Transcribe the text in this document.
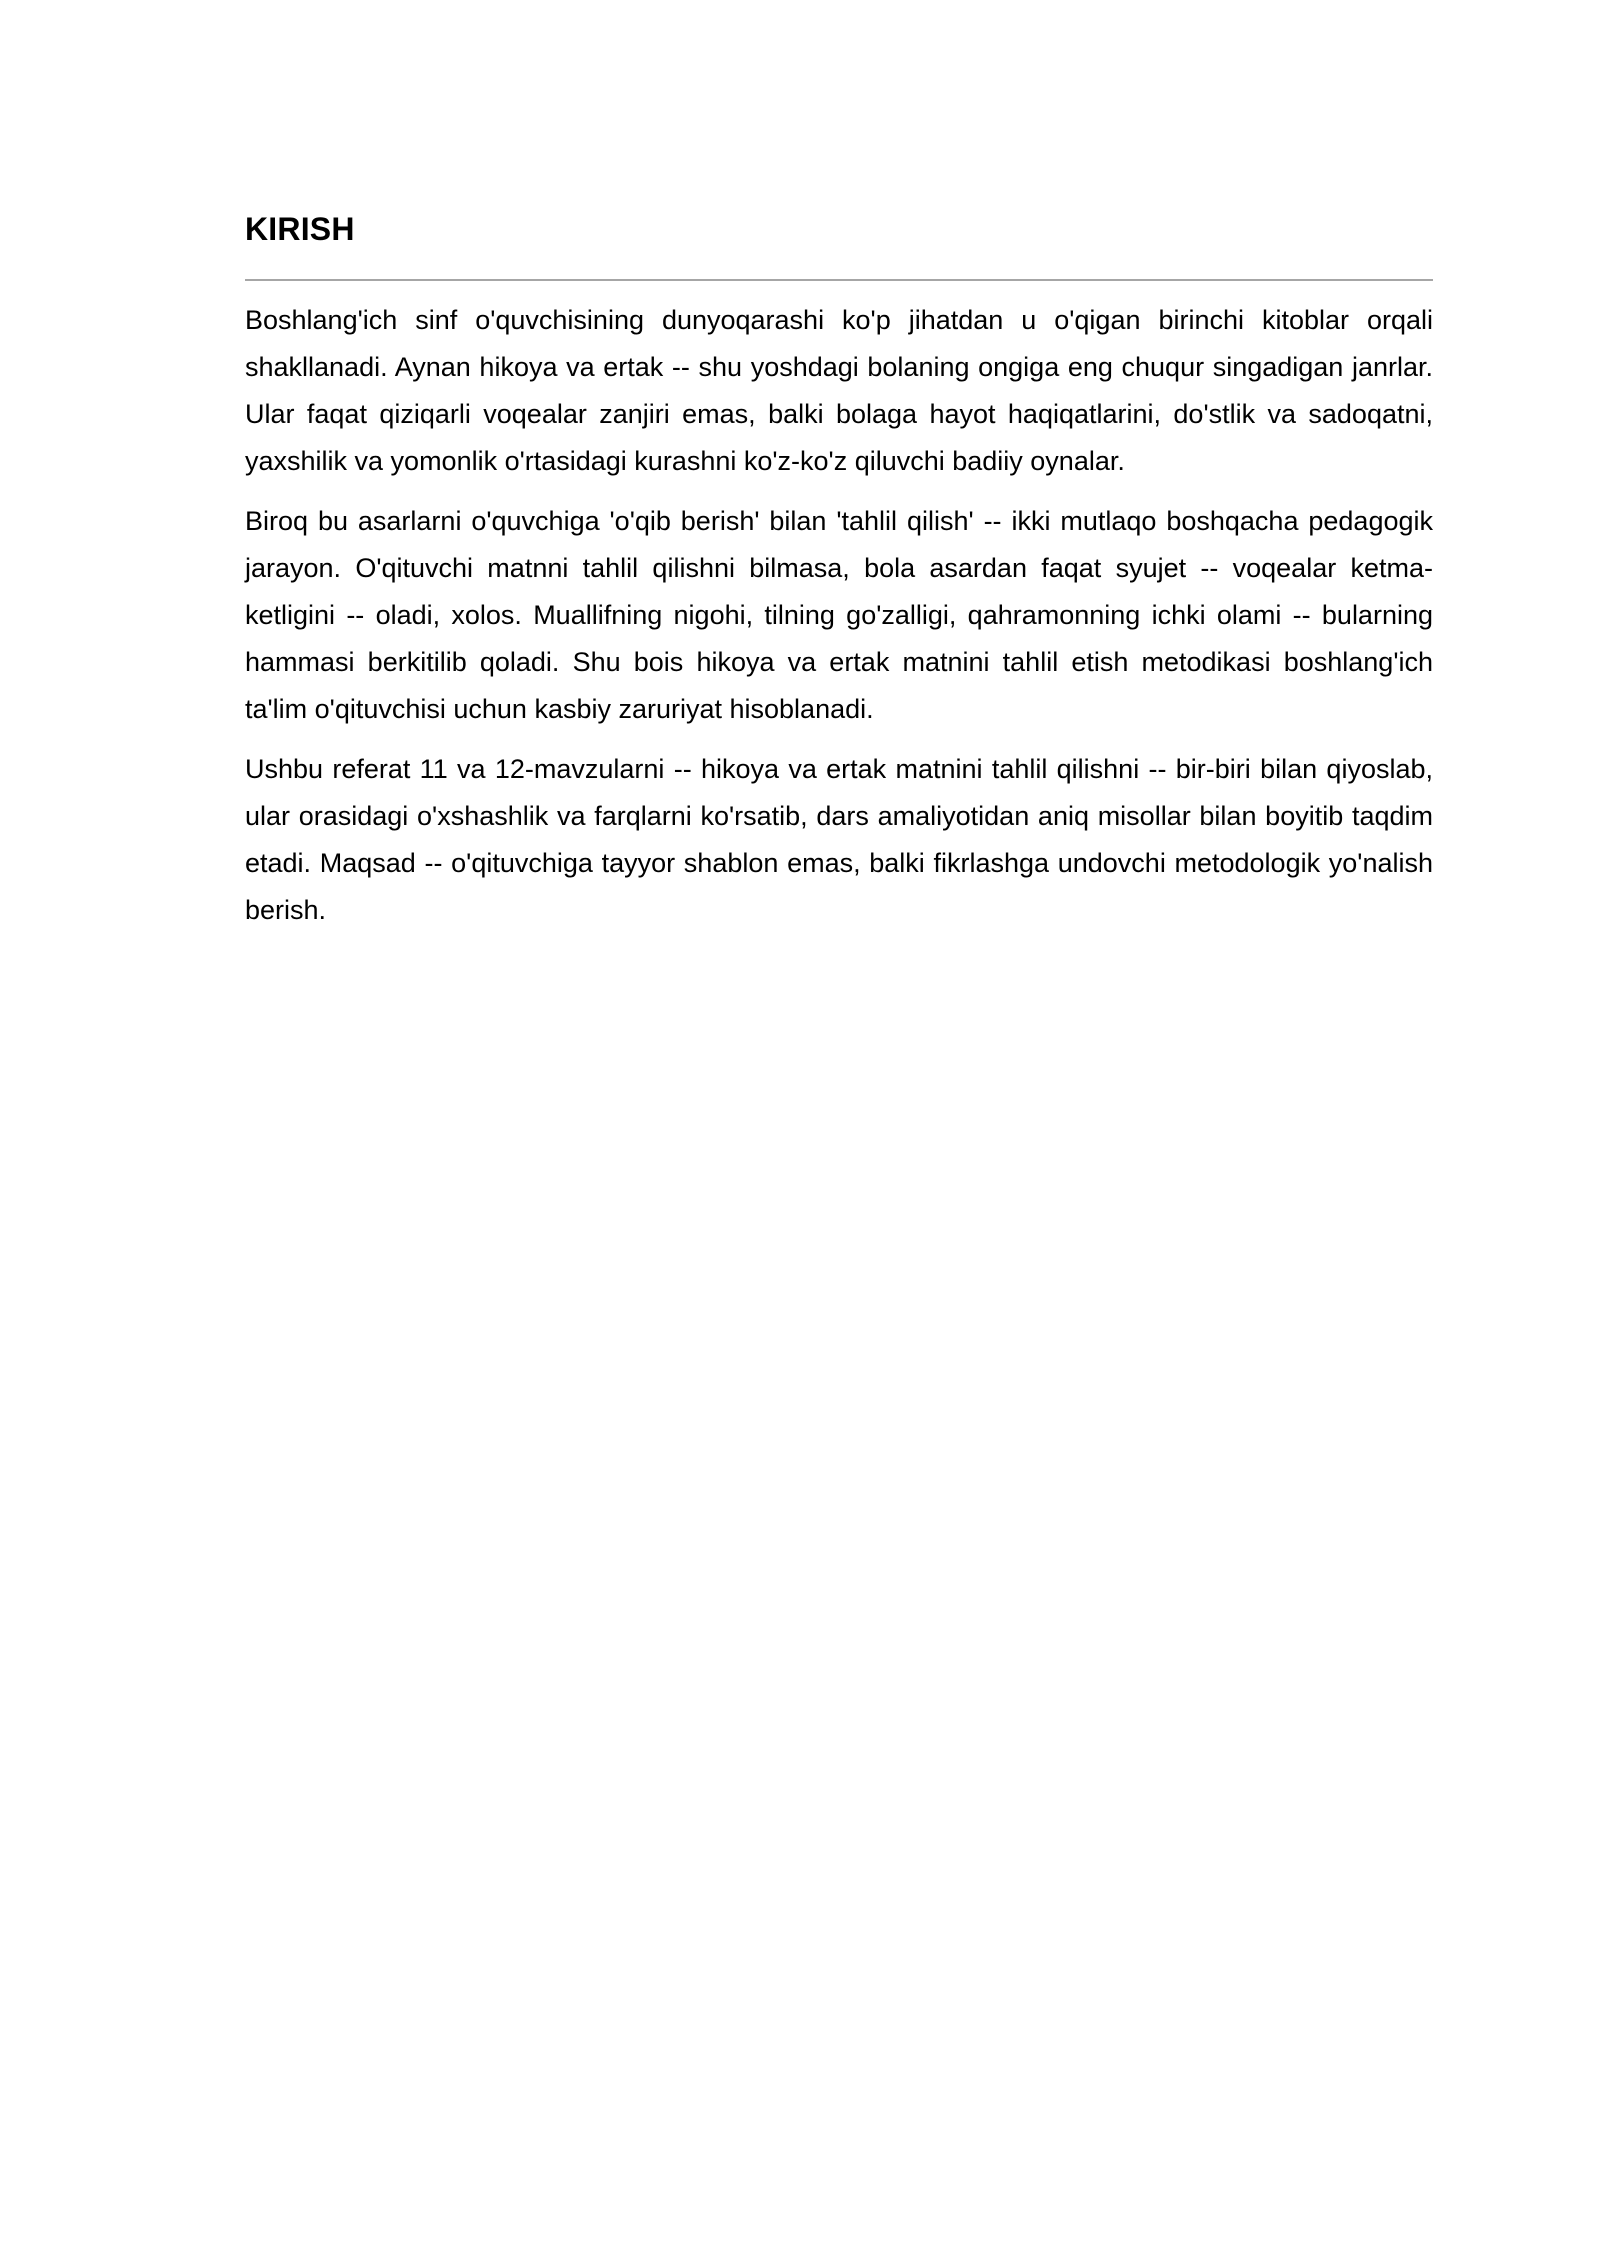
KIRISH

Boshlang'ich sinf o'quvchisining dunyoqarashi ko'p jihatdan u o'qigan birinchi kitoblar orqali shakllanadi. Aynan hikoya va ertak -- shu yoshdagi bolaning ongiga eng chuqur singadigan janrlar. Ular faqat qiziqarli voqealar zanjiri emas, balki bolaga hayot haqiqatlarini, do'stlik va sadoqatni, yaxshilik va yomonlik o'rtasidagi kurashni ko'z-ko'z qiluvchi badiiy oynalar.

Biroq bu asarlarni o'quvchiga 'o'qib berish' bilan 'tahlil qilish' -- ikki mutlaqo boshqacha pedagogik jarayon. O'qituvchi matnni tahlil qilishni bilmasa, bola asardan faqat syujet -- voqealar ketma-ketligini -- oladi, xolos. Muallifning nigohi, tilning go'zalligi, qahramonning ichki olami -- bularning hammasi berkitilib qoladi. Shu bois hikoya va ertak matnini tahlil etish metodikasi boshlang'ich ta'lim o'qituvchisi uchun kasbiy zaruriyat hisoblanadi.

Ushbu referat 11 va 12-mavzularni -- hikoya va ertak matnini tahlil qilishni -- bir-biri bilan qiyoslab, ular orasidagi o'xshashlik va farqlarni ko'rsatib, dars amaliyotidan aniq misollar bilan boyitib taqdim etadi. Maqsad -- o'qituvchiga tayyor shablon emas, balki fikrlashga undovchi metodologik yo'nalish berish.
